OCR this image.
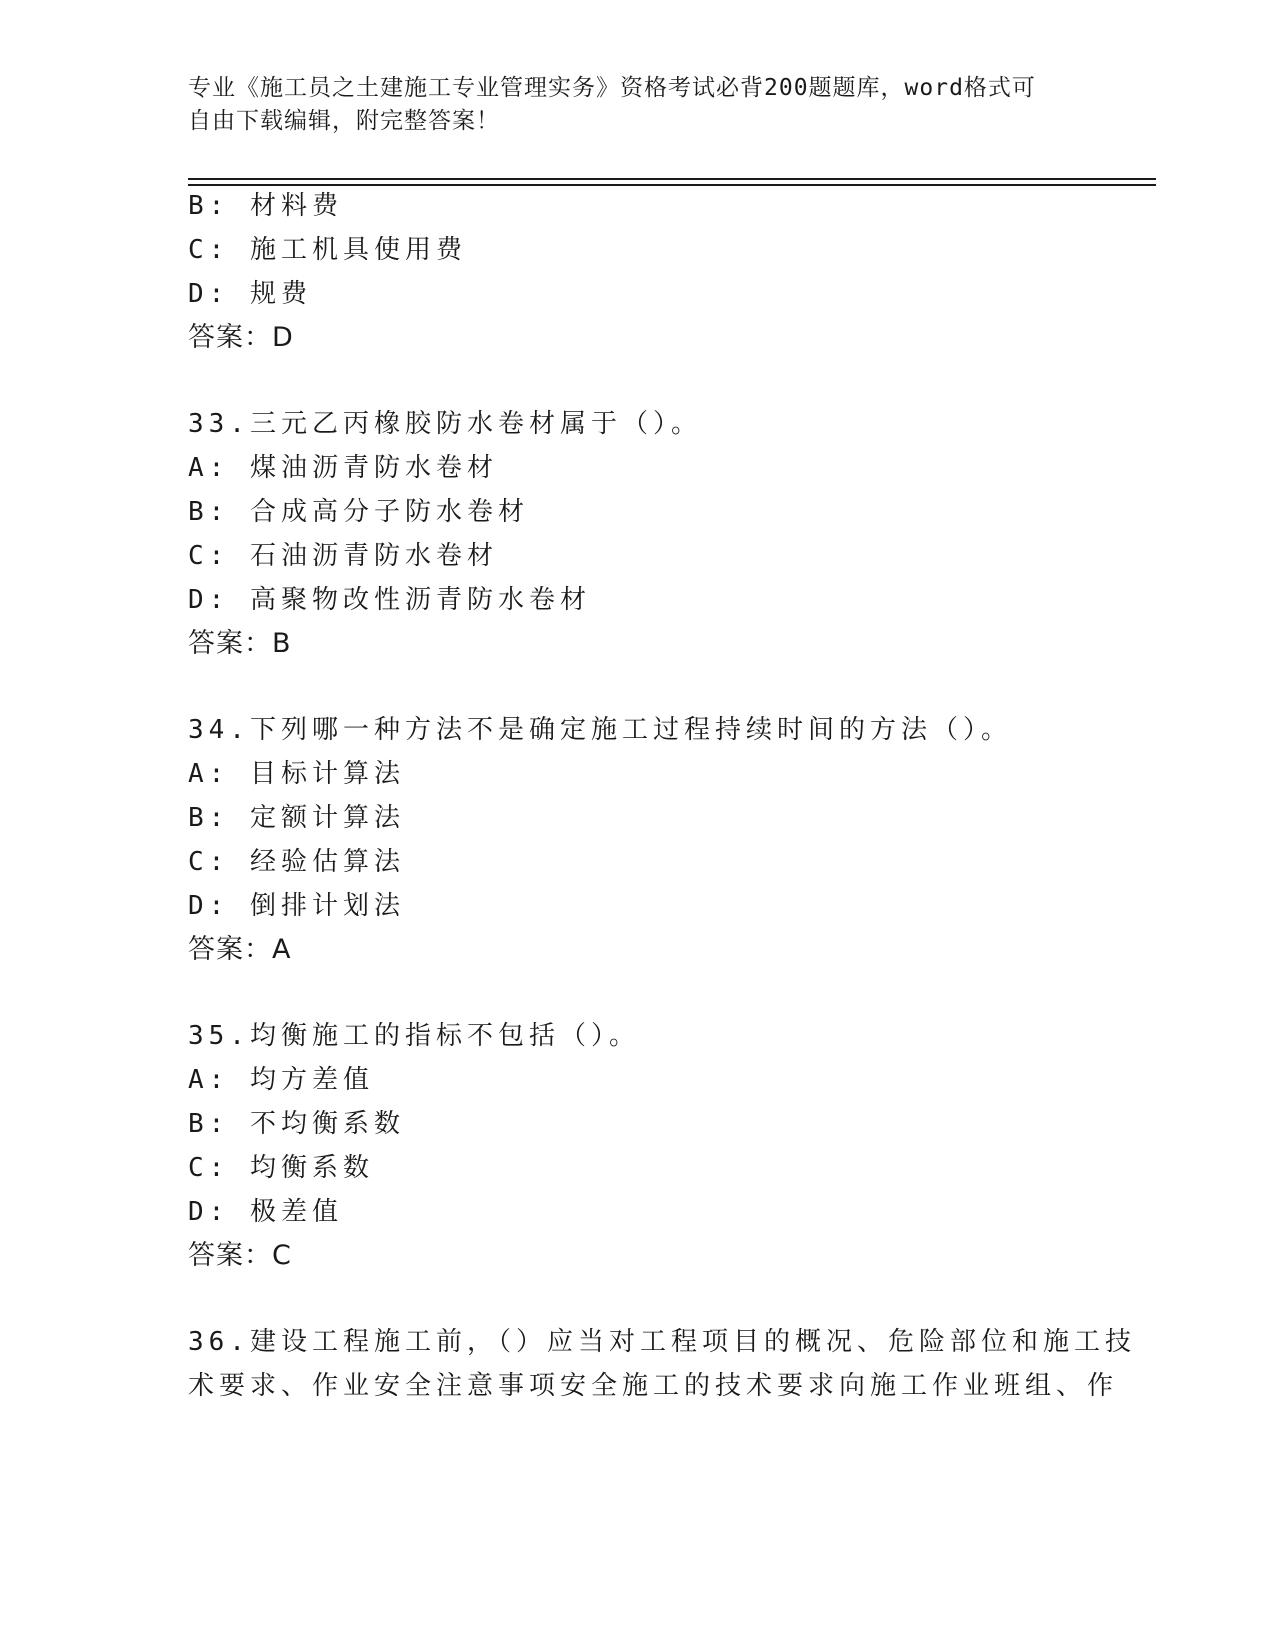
专业《施工员之土建施工专业管理实务》资格考试必背200题题库，word格式可
自由下载编辑，附完整答案！
B: 材料费
C: 施工机具使用费
D: 规费
答案：D
33.三元乙丙橡胶防水卷材属于（）。
A: 煤油沥青防水卷材
B: 合成高分子防水卷材
C: 石油沥青防水卷材
D: 高聚物改性沥青防水卷材
答案：B
34.下列哪一种方法不是确定施工过程持续时间的方法（）。
A: 目标计算法
B: 定额计算法
C: 经验估算法
D: 倒排计划法
答案：A
35.均衡施工的指标不包括（）。
A: 均方差值
B: 不均衡系数
C: 均衡系数
D: 极差值
答案：C
36.建设工程施工前，（）应当对工程项目的概况、危险部位和施工技
术要求、作业安全注意事项安全施工的技术要求向施工作业班组、作
